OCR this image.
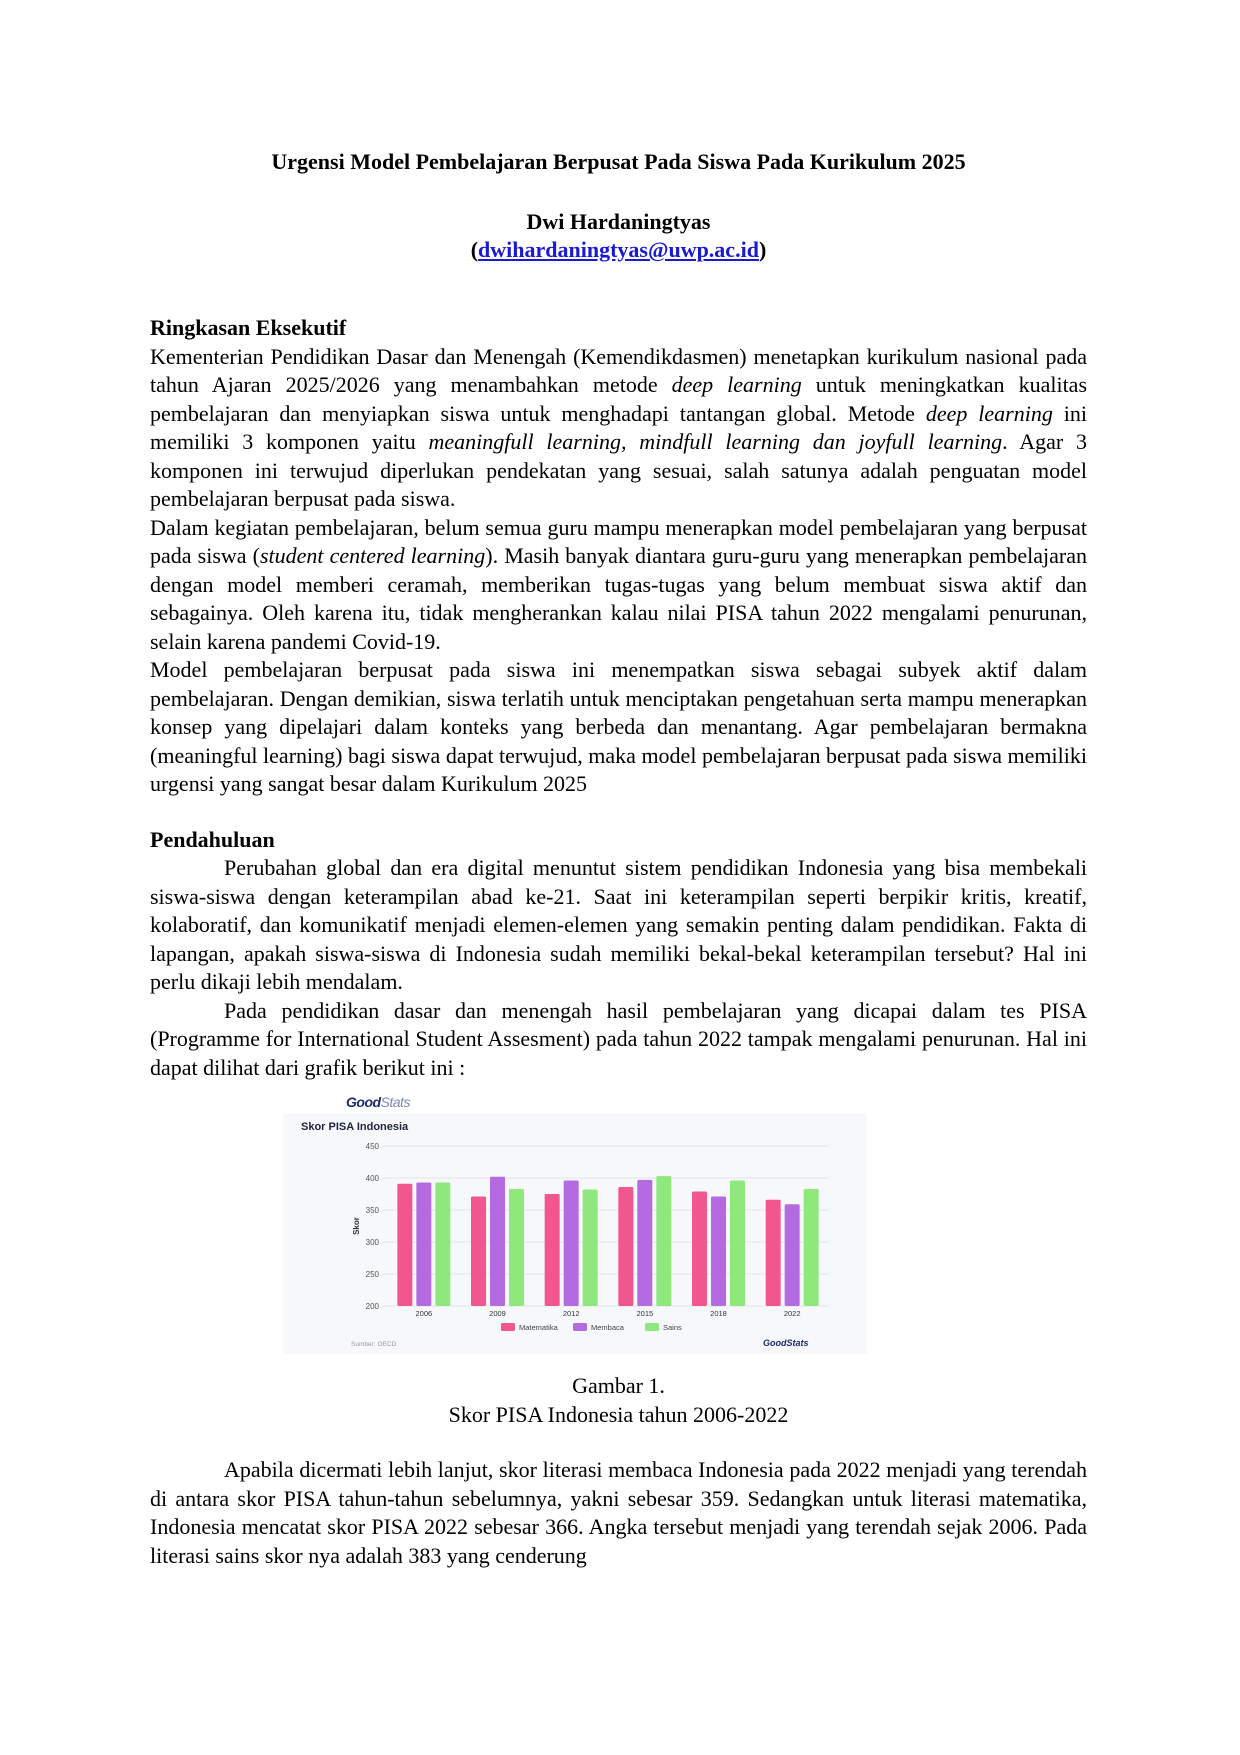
Urgensi Model Pembelajaran Berpusat Pada Siswa Pada Kurikulum 2025

Dwi Hardaningtyas
(dwihardaningtyas@uwp.ac.id)
Ringkasan Eksekutif

Kementerian Pendidikan Dasar dan Menengah (Kemendikdasmen) menetapkan kurikulum nasional pada tahun Ajaran 2025/2026 yang menambahkan metode deep learning untuk meningkatkan kualitas pembelajaran dan menyiapkan siswa untuk menghadapi tantangan global. Metode deep learning ini memiliki 3 komponen yaitu meaningfull learning, mindfull learning dan joyfull learning. Agar 3 komponen ini terwujud diperlukan pendekatan yang sesuai, salah satunya adalah penguatan model pembelajaran berpusat pada siswa.

Dalam kegiatan pembelajaran, belum semua guru mampu menerapkan model pembelajaran yang berpusat pada siswa (student centered learning). Masih banyak diantara guru-guru yang menerapkan pembelajaran dengan model memberi ceramah, memberikan tugas-tugas yang belum membuat siswa aktif dan sebagainya. Oleh karena itu, tidak mengherankan kalau nilai PISA tahun 2022 mengalami penurunan, selain karena pandemi Covid-19.

Model pembelajaran berpusat pada siswa ini menempatkan siswa sebagai subyek aktif dalam pembelajaran. Dengan demikian, siswa terlatih untuk menciptakan pengetahuan serta mampu menerapkan konsep yang dipelajari dalam konteks yang berbeda dan menantang. Agar pembelajaran bermakna (meaningful learning) bagi siswa dapat terwujud, maka model pembelajaran berpusat pada siswa memiliki urgensi yang sangat besar dalam Kurikulum 2025

Pendahuluan

Perubahan global dan era digital menuntut sistem pendidikan Indonesia yang bisa membekali siswa-siswa dengan keterampilan abad ke-21. Saat ini keterampilan seperti berpikir kritis, kreatif, kolaboratif, dan komunikatif menjadi elemen-elemen yang semakin penting dalam pendidikan. Fakta di lapangan, apakah siswa-siswa di Indonesia sudah memiliki bekal-bekal keterampilan tersebut? Hal ini perlu dikaji lebih mendalam.

Pada pendidikan dasar dan menengah hasil pembelajaran yang dicapai dalam tes PISA (Programme for International Student Assesment) pada tahun 2022 tampak mengalami penurunan. Hal ini dapat dilihat dari grafik berikut ini :

GoodStats
Skor PISA Indonesia
450
400
350
300
250
200
Skor
2006	2009	2012	2015	2018	2022
Matematika	Membaca	Sains
Sumber: OECD	GoodStats
Gambar 1.
Skor PISA Indonesia tahun 2006-2022

Apabila dicermati lebih lanjut, skor literasi membaca Indonesia pada 2022 menjadi yang terendah di antara skor PISA tahun-tahun sebelumnya, yakni sebesar 359. Sedangkan untuk literasi matematika, Indonesia mencatat skor PISA 2022 sebesar 366. Angka tersebut menjadi yang terendah sejak 2006. Pada literasi sains skor nya adalah 383 yang cenderung
